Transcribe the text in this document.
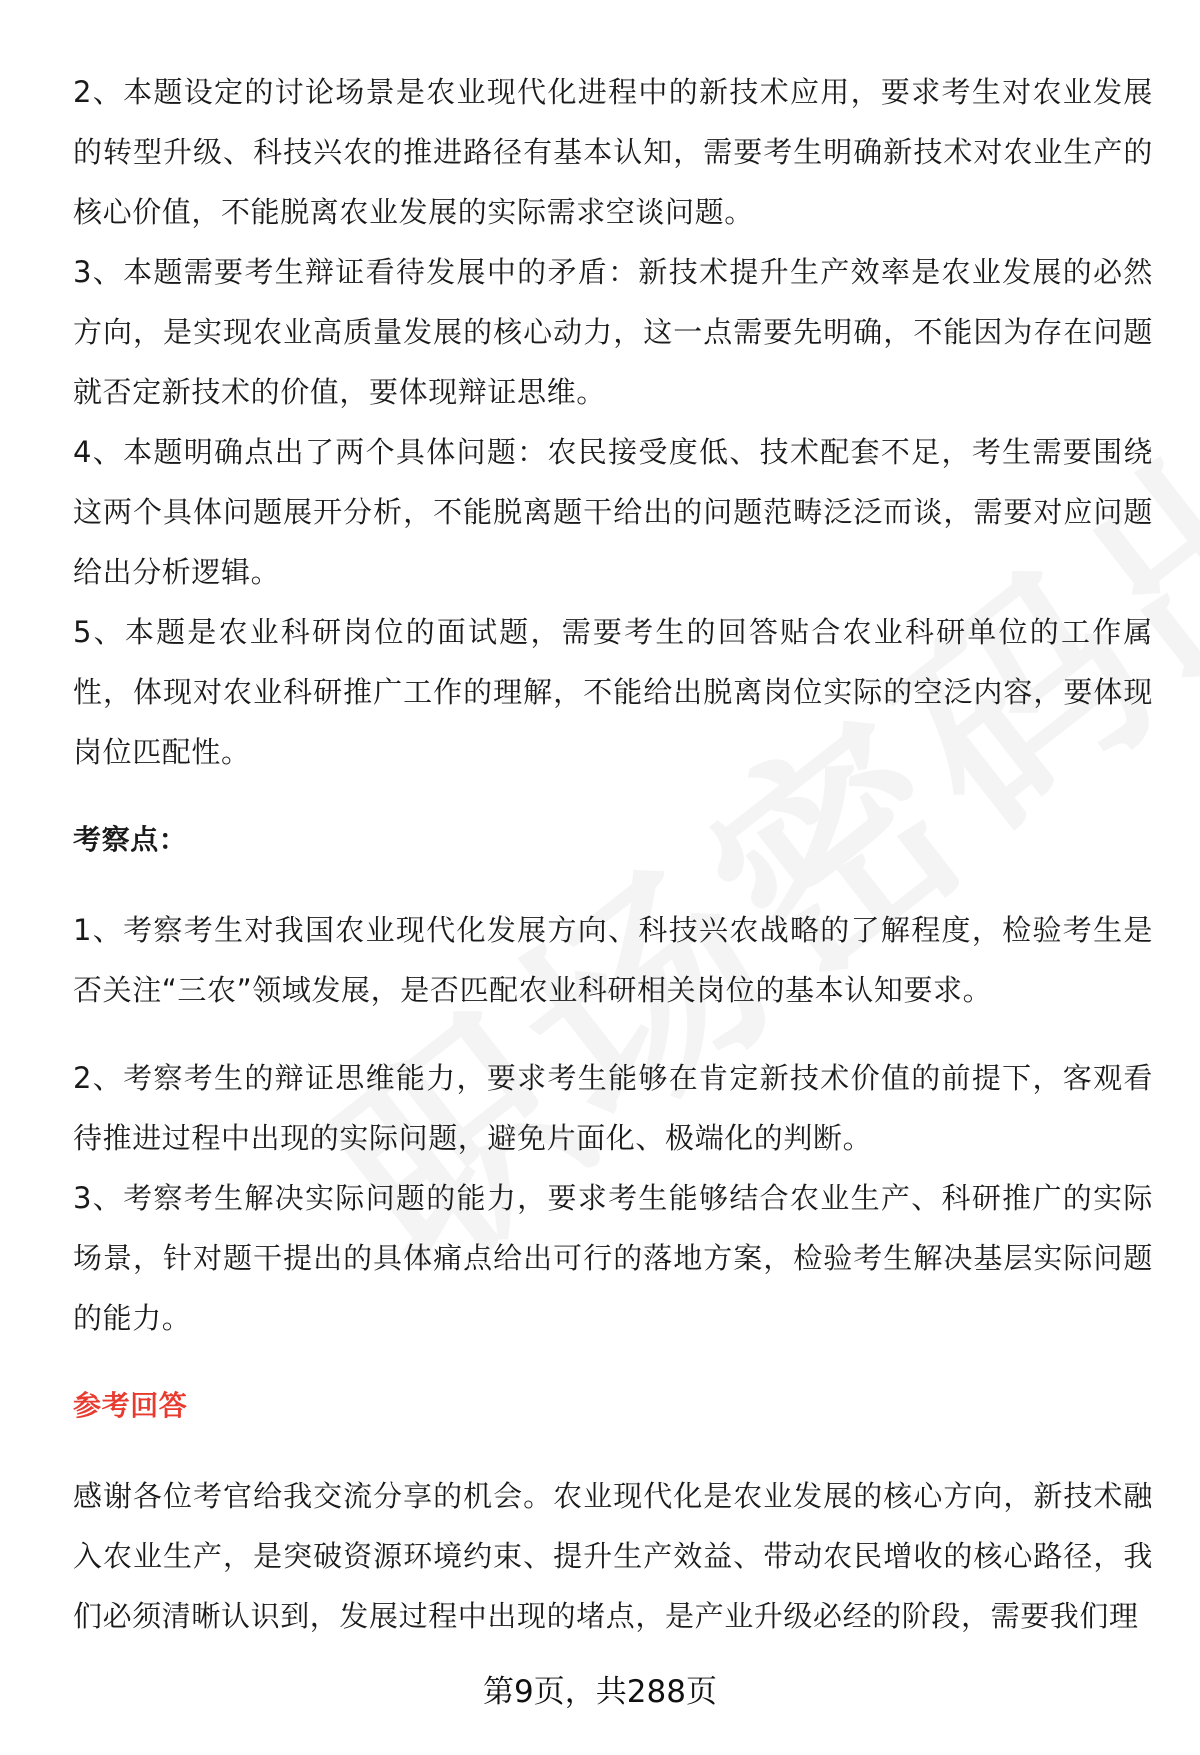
2、本题设定的讨论场景是农业现代化进程中的新技术应用，要求考生对农业发展的转型升级、科技兴农的推进路径有基本认知，需要考生明确新技术对农业生产的核心价值，不能脱离农业发展的实际需求空谈问题。

3、本题需要考生辩证看待发展中的矛盾：新技术提升生产效率是农业发展的必然方向，是实现农业高质量发展的核心动力，这一点需要先明确，不能因为存在问题就否定新技术的价值，要体现辩证思维。

4、本题明确点出了两个具体问题：农民接受度低、技术配套不足，考生需要围绕这两个具体问题展开分析，不能脱离题干给出的问题范畴泛泛而谈，需要对应问题给出分析逻辑。

5、本题是农业科研岗位的面试题，需要考生的回答贴合农业科研单位的工作属性，体现对农业科研推广工作的理解，不能给出脱离岗位实际的空泛内容，要体现岗位匹配性。

考察点：

1、考察考生对我国农业现代化发展方向、科技兴农战略的了解程度，检验考生是否关注“三农”领域发展，是否匹配农业科研相关岗位的基本认知要求。

2、考察考生的辩证思维能力，要求考生能够在肯定新技术价值的前提下，客观看待推进过程中出现的实际问题，避免片面化、极端化的判断。

3、考察考生解决实际问题的能力，要求考生能够结合农业生产、科研推广的实际场景，针对题干提出的具体痛点给出可行的落地方案，检验考生解决基层实际问题的能力。

参考回答

感谢各位考官给我交流分享的机会。农业现代化是农业发展的核心方向，新技术融入农业生产，是突破资源环境约束、提升生产效益、带动农民增收的核心路径，我们必须清晰认识到，发展过程中出现的堵点，是产业升级必经的阶段，需要我们理

第9页，共288页
